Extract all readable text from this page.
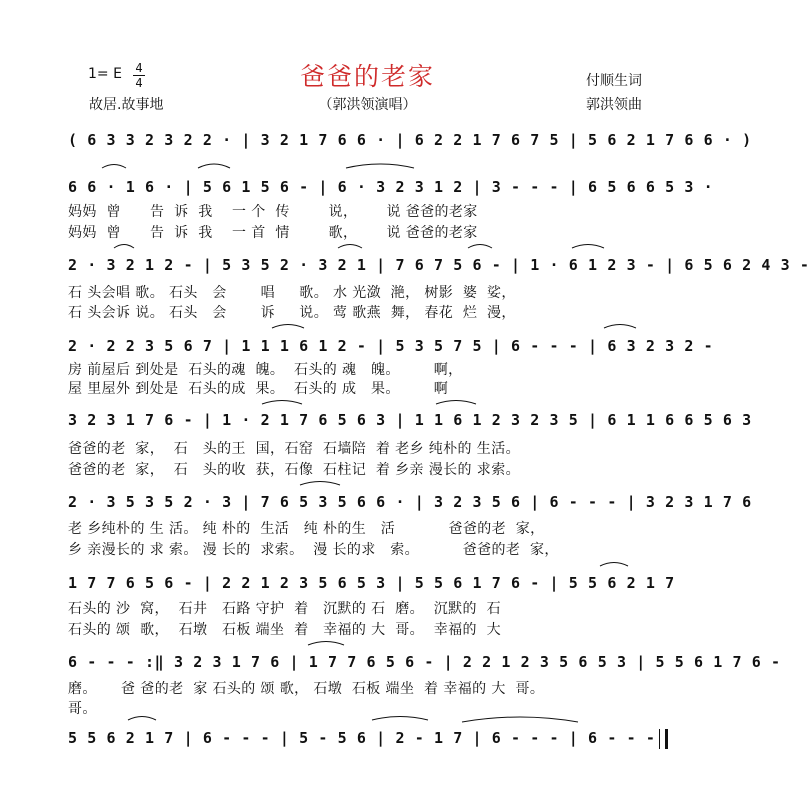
爸爸的老家
1= E 4
4
故居.故事地	（郭洪领演唱）
付顺生词
郭洪领曲
( 6 3 3 2 3 2 2 · | 3 2 1 7 6 6 · | 6 2 2 1 7 6 7 5 | 5 6 2 1 7 6 6 · )
6 6 · 1 6 · | 5 6 1 5 6 - | 6 · 3 2 3 1 2 | 3 - - - | 6 5 6 6 5 3 ·
妈妈  曾      告  诉  我    一 个  传        说，      说 爸爸的老家
妈妈  曾      告  诉  我    一 首  情        歌，      说 爸爸的老家
2 · 3 2 1 2 - | 5 3 5 2 · 3 2 1 | 7 6 7 5 6 - | 1 · 6 1 2 3 - | 6 5 6 2 4 3 -
石 头会唱 歌。 石头   会       唱     歌。 水 光潋  滟， 树影  婆  娑，
石 头会诉 说。 石头   会       诉     说。 莺 歌燕  舞， 春花  烂  漫，
2 · 2 2 3 5 6 7 | 1 1 1 6 1 2 - | 5 3 5 7 5 | 6 - - - | 6 3 2 3 2 -
房 前屋后 到处是  石头的魂  魄。  石头的 魂   魄。       啊，
屋 里屋外 到处是  石头的成  果。  石头的 成   果。       啊
3 2 3 1 7 6 - | 1 · 2 1 7 6 5 6 3 | 1 1 6 1 2 3 2 3 5 | 6 1 1 6 6 5 6 3
爸爸的老  家，  石   头的王  国，石窑  石墙陪  着 老乡 纯朴的 生活。
爸爸的老  家，  石   头的收  获，石像  石柱记  着 乡亲 漫长的 求索。
2 · 3 5 3 5 2 · 3 | 7 6 5 3 5 6 6 · | 3 2 3 5 6 | 6 - - - | 3 2 3 1 7 6
老 乡纯朴的 生 活。 纯 朴的  生活   纯 朴的生   活           爸爸的老  家，
乡 亲漫长的 求 索。 漫 长的  求索。  漫 长的求   索。         爸爸的老  家，
1 7 7 6 5 6 - | 2 2 1 2 3 5 6 5 3 | 5 5 6 1 7 6 - | 5 5 6 2 1 7
石头的 沙  窝，  石井   石路 守护  着   沉默的 石  磨。  沉默的  石
石头的 颂  歌，  石墩   石板 端坐  着   幸福的 大  哥。  幸福的  大
6 - - - :‖ 3 2 3 1 7 6 | 1 7 7 6 5 6 - | 2 2 1 2 3 5 6 5 3 | 5 5 6 1 7 6 -
磨。     爸 爸的老  家 石头的 颂 歌， 石墩  石板 端坐  着 幸福的 大  哥。
哥。
5 5 6 2 1 7 | 6 - - - | 5 - 5 6 | 2 - 1 7 | 6 - - - | 6 - - -
